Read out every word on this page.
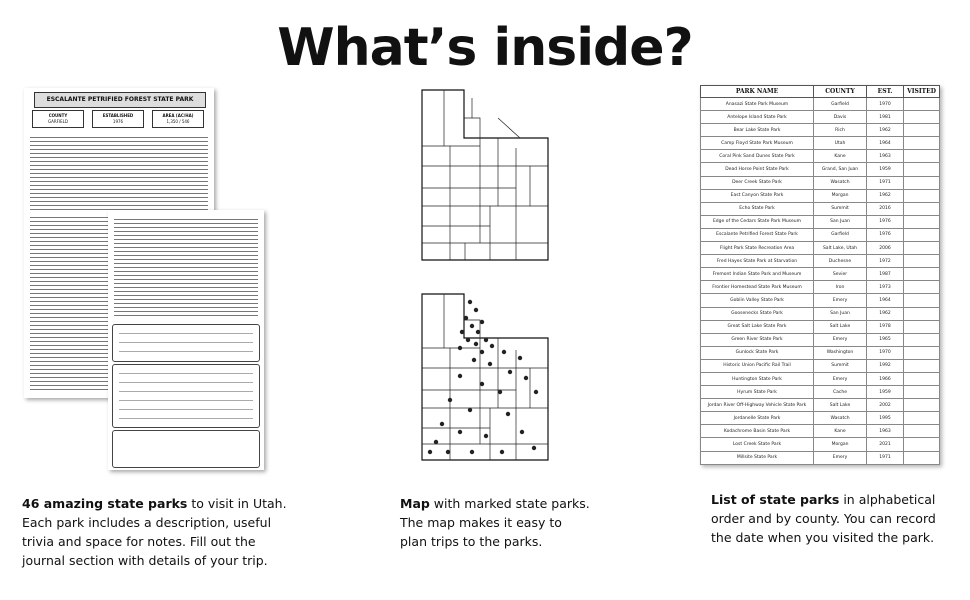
What’s inside?
ESCALANTE PETRIFIED FOREST STATE PARK
COUNTY
GARFIELD
ESTABLISHED
1976
AREA (AC/HA)
1,350 / 546
PARK NAME	COUNTY	EST.	VISITED
Anasazi State Park Museum	Garfield	1970	
Antelope Island State Park	Davis	1981	
Bear Lake State Park	Rich	1962	
Camp Floyd State Park Museum	Utah	1964	
Coral Pink Sand Dunes State Park	Kane	1963	
Dead Horse Point State Park	Grand, San Juan	1959	
Deer Creek State Park	Wasatch	1971	
East Canyon State Park	Morgan	1962	
Echo State Park	Summit	2016	
Edge of the Cedars State Park Museum	San Juan	1976	
Escalante Petrified Forest State Park	Garfield	1976	
Flight Park State Recreation Area	Salt Lake, Utah	2006	
Fred Hayes State Park at Starvation	Duchesne	1972	
Fremont Indian State Park and Museum	Sevier	1987	
Frontier Homestead State Park Museum	Iron	1973	
Goblin Valley State Park	Emery	1964	
Goosenecks State Park	San Juan	1962	
Great Salt Lake State Park	Salt Lake	1978	
Green River State Park	Emery	1965	
Gunlock State Park	Washington	1970	
Historic Union Pacific Rail Trail	Summit	1992	
Huntington State Park	Emery	1966	
Hyrum State Park	Cache	1959	
Jordan River Off-Highway Vehicle State Park	Salt Lake	2002	
Jordanelle State Park	Wasatch	1995	
Kodachrome Basin State Park	Kane	1963	
Lost Creek State Park	Morgan	2021	
Millsite State Park	Emery	1971	
46 amazing state parks to visit in Utah. Each park includes a description, useful trivia and space for notes. Fill out the journal section with details of your trip.
Map with marked state parks. The map makes it easy to plan trips to the parks.
List of state parks in alphabetical order and by county. You can record the date when you visited the park.
